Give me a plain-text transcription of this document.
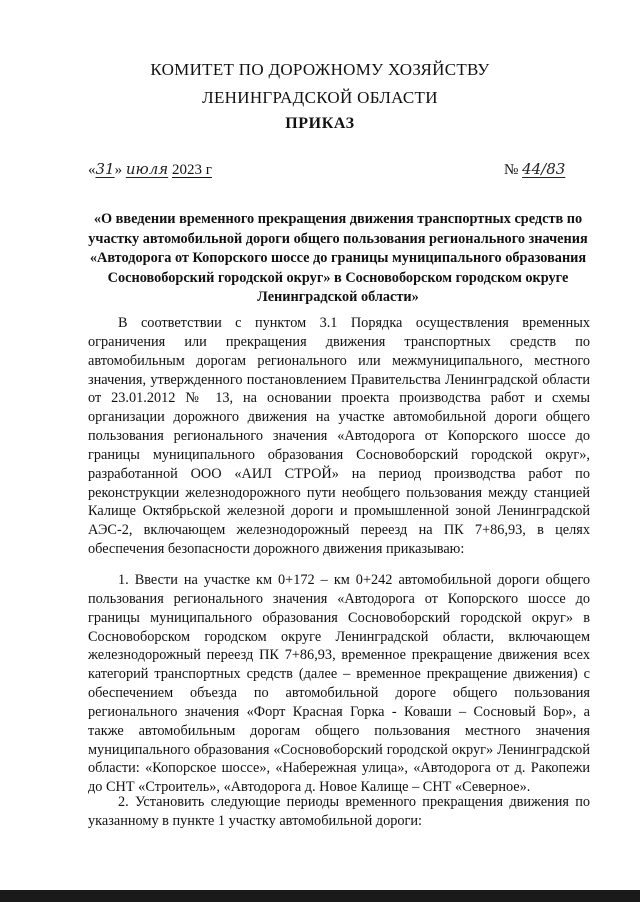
КОМИТЕТ ПО ДОРОЖНОМУ ХОЗЯЙСТВУ
ЛЕНИНГРАДСКОЙ ОБЛАСТИ
ПРИКАЗ
«31» июля 2023 г	№ 44/83
«О введении временного прекращения движения транспортных средств по участку автомобильной дороги общего пользования регионального значения «Автодорога от Копорского шоссе до границы муниципального образования Сосновоборский городской округ» в Сосновоборском городском округе Ленинградской области»

В соответствии с пунктом 3.1 Порядка осуществления временных ограничения или прекращения движения транспортных средств по автомобильным дорогам регионального или межмуниципального, местного значения, утвержденного постановлением Правительства Ленинградской области от 23.01.2012 № 13, на основании проекта производства работ и схемы организации дорожного движения на участке автомобильной дороги общего пользования регионального значения «Автодорога от Копорского шоссе до границы муниципального образования Сосновоборский городской округ», разработанной ООО «АИЛ СТРОЙ» на период производства работ по реконструкции железнодорожного пути необщего пользования между станцией Калище Октябрьской железной дороги и промышленной зоной Ленинградской АЭС-2, включающем железнодорожный переезд на ПК 7+86,93, в целях обеспечения безопасности дорожного движения приказываю:

1. Ввести на участке км 0+172 – км 0+242 автомобильной дороги общего пользования регионального значения «Автодорога от Копорского шоссе до границы муниципального образования Сосновоборский городской округ» в Сосновоборском городском округе Ленинградской области, включающем железнодорожный переезд ПК 7+86,93, временное прекращение движения всех категорий транспортных средств (далее – временное прекращение движения) с обеспечением объезда по автомобильной дороге общего пользования регионального значения «Форт Красная Горка - Коваши – Сосновый Бор», а также автомобильным дорогам общего пользования местного значения муниципального образования «Сосновоборский городской округ» Ленинградской области: «Копорское шоссе», «Набережная улица», «Автодорога от д. Ракопежи до СНТ «Строитель», «Автодорога д. Новое Калище – СНТ «Северное».

2. Установить следующие периоды временного прекращения движения по указанному в пункте 1 участку автомобильной дороги:
